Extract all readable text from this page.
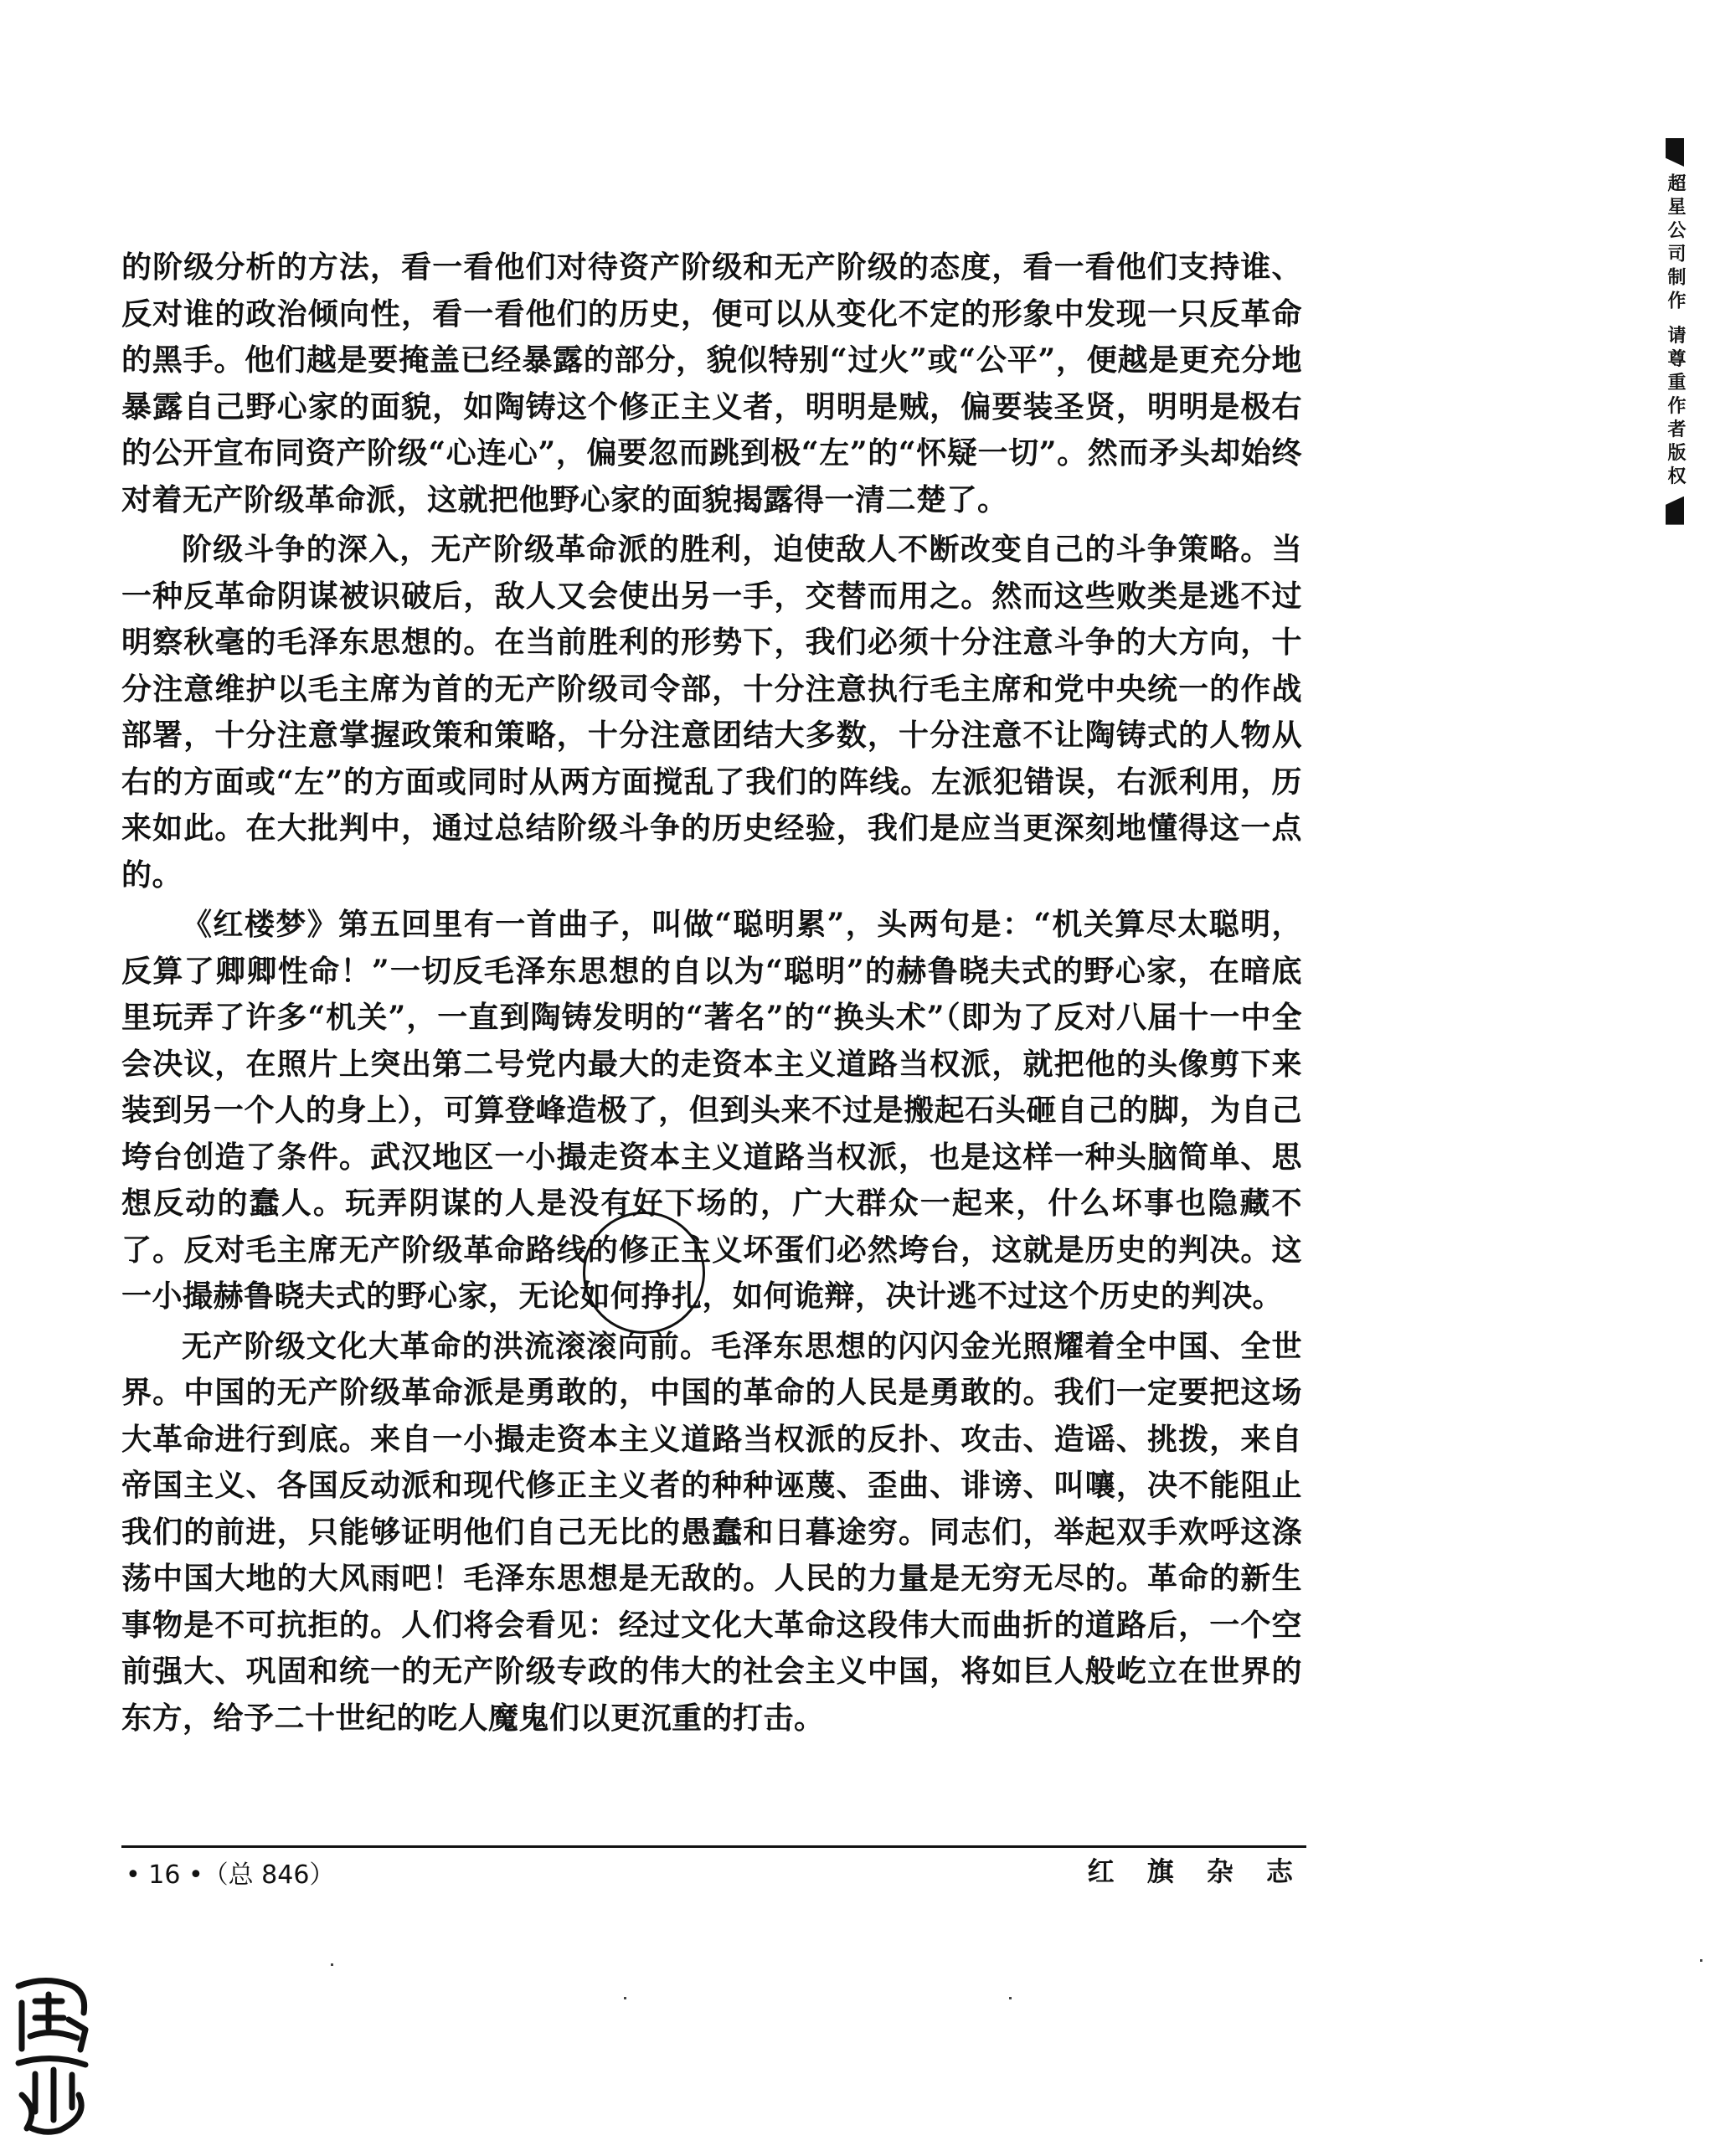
的阶级分析的方法，看一看他们对待资产阶级和无产阶级的态度，看一看他们支持谁、反对谁的政治倾向性，看一看他们的历史，便可以从变化不定的形象中发现一只反革命的黑手。他们越是要掩盖已经暴露的部分，貌似特别“过火”或“公平”，便越是更充分地暴露自己野心家的面貌，如陶铸这个修正主义者，明明是贼，偏要装圣贤，明明是极右的公开宣布同资产阶级“心连心”，偏要忽而跳到极“左”的“怀疑一切”。然而矛头却始终对着无产阶级革命派，这就把他野心家的面貌揭露得一清二楚了。

阶级斗争的深入，无产阶级革命派的胜利，迫使敌人不断改变自己的斗争策略。当一种反革命阴谋被识破后，敌人又会使出另一手，交替而用之。然而这些败类是逃不过明察秋毫的毛泽东思想的。在当前胜利的形势下，我们必须十分注意斗争的大方向，十分注意维护以毛主席为首的无产阶级司令部，十分注意执行毛主席和党中央统一的作战部署，十分注意掌握政策和策略，十分注意团结大多数，十分注意不让陶铸式的人物从右的方面或“左”的方面或同时从两方面搅乱了我们的阵线。左派犯错误，右派利用，历来如此。在大批判中，通过总结阶级斗争的历史经验，我们是应当更深刻地懂得这一点的。

《红楼梦》第五回里有一首曲子，叫做“聪明累”，头两句是：“机关算尽太聪明，反算了卿卿性命！”一切反毛泽东思想的自以为“聪明”的赫鲁晓夫式的野心家，在暗底里玩弄了许多“机关”，一直到陶铸发明的“著名”的“换头术”（即为了反对八届十一中全会决议，在照片上突出第二号党内最大的走资本主义道路当权派，就把他的头像剪下来装到另一个人的身上），可算登峰造极了，但到头来不过是搬起石头砸自己的脚，为自己垮台创造了条件。武汉地区一小撮走资本主义道路当权派，也是这样一种头脑简单、思想反动的蠢人。玩弄阴谋的人是没有好下场的，广大群众一起来，什么坏事也隐藏不了。反对毛主席无产阶级革命路线的修正主义坏蛋们必然垮台，这就是历史的判决。这一小撮赫鲁晓夫式的野心家，无论如何挣扎，如何诡辩，决计逃不过这个历史的判决。

无产阶级文化大革命的洪流滚滚向前。毛泽东思想的闪闪金光照耀着全中国、全世界。中国的无产阶级革命派是勇敢的，中国的革命的人民是勇敢的。我们一定要把这场大革命进行到底。来自一小撮走资本主义道路当权派的反扑、攻击、造谣、挑拨，来自帝国主义、各国反动派和现代修正主义者的种种诬蔑、歪曲、诽谤、叫嚷，决不能阻止我们的前进，只能够证明他们自己无比的愚蠢和日暮途穷。同志们，举起双手欢呼这涤荡中国大地的大风雨吧！毛泽东思想是无敌的。人民的力量是无穷无尽的。革命的新生事物是不可抗拒的。人们将会看见：经过文化大革命这段伟大而曲折的道路后，一个空前强大、巩固和统一的无产阶级专政的伟大的社会主义中国，将如巨人般屹立在世界的东方，给予二十世纪的吃人魔鬼们以更沉重的打击。

• 16 •（总 846）	红 旗 杂 志
超星公司制作 请尊重作者版权
